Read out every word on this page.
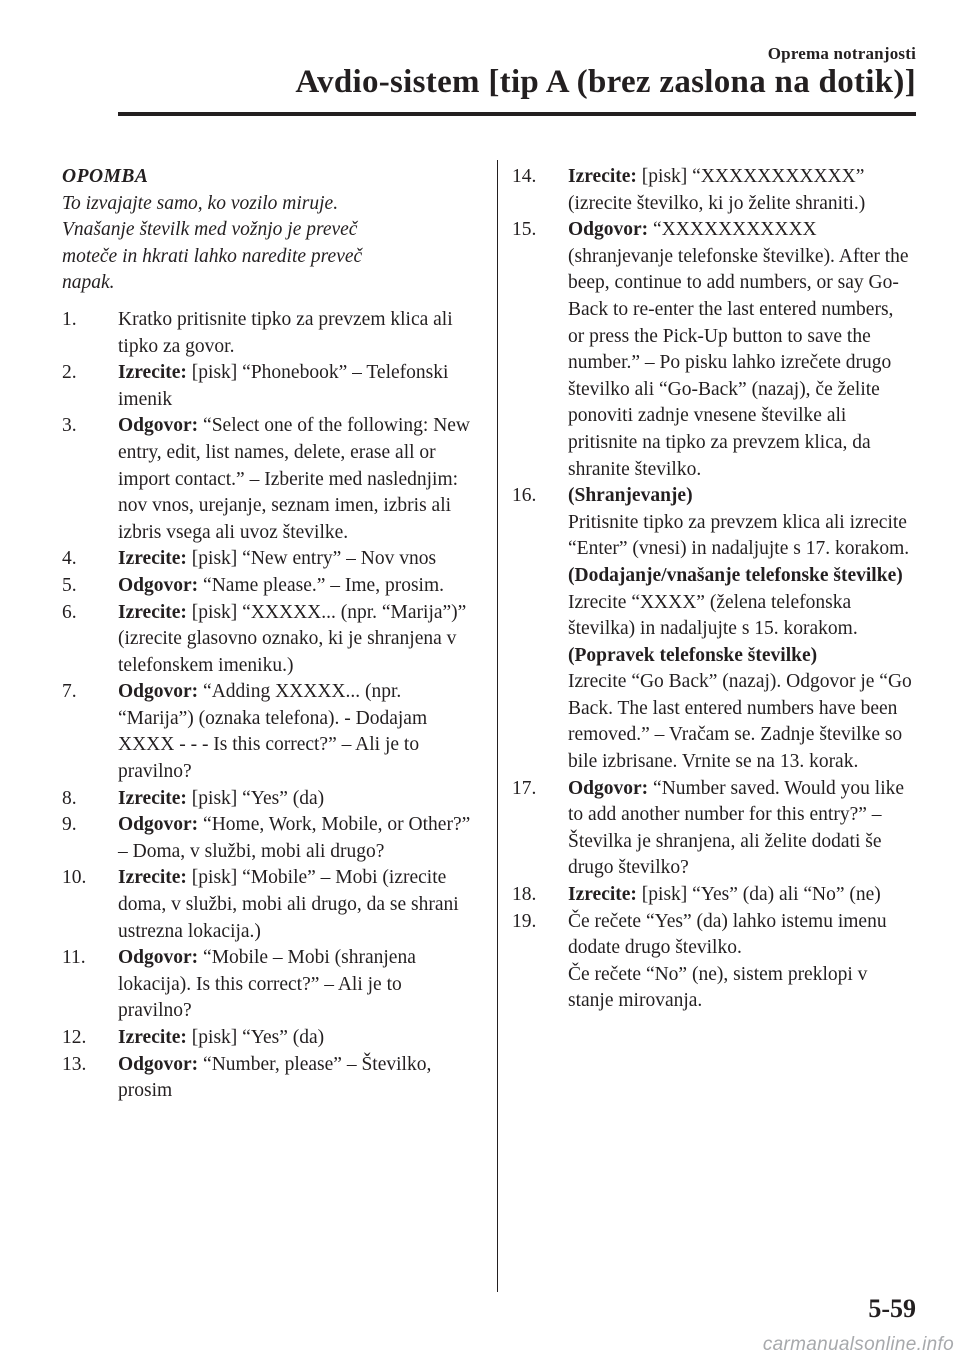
Oprema notranjosti
Avdio-sistem [tip A (brez zaslona na dotik)]
OPOMBA
To izvajajte samo, ko vozilo miruje.
Vnašanje številk med vožnjo je preveč
moteče in hkrati lahko naredite preveč
napak.
1. Kratko pritisnite tipko za prevzem klica ali tipko za govor.
2. Izrecite: [pisk] “Phonebook” – Telefonski imenik
3. Odgovor: “Select one of the following: New entry, edit, list names, delete, erase all or import contact.” – Izberite med naslednjim: nov vnos, urejanje, seznam imen, izbris ali izbris vsega ali uvoz številke.
4. Izrecite: [pisk] “New entry” – Nov vnos
5. Odgovor: “Name please.” – Ime, prosim.
6. Izrecite: [pisk] “XXXXX... (npr. “Marija”)” (izrecite glasovno oznako, ki je shranjena v telefonskem imeniku.)
7. Odgovor: “Adding XXXXX... (npr. “Marija”) (oznaka telefona). - Dodajam XXXX - - - Is this correct?” – Ali je to pravilno?
8. Izrecite: [pisk] “Yes” (da)
9. Odgovor: “Home, Work, Mobile, or Other?” – Doma, v službi, mobi ali drugo?
10. Izrecite: [pisk] “Mobile” – Mobi (izrecite doma, v službi, mobi ali drugo, da se shrani ustrezna lokacija.)
11. Odgovor: “Mobile – Mobi (shranjena lokacija). Is this correct?” – Ali je to pravilno?
12. Izrecite: [pisk] “Yes” (da)
13. Odgovor: “Number, please” – Številko, prosim
14. Izrecite: [pisk] “XXXXXXXXXXX” (izrecite številko, ki jo želite shraniti.)
15. Odgovor: “XXXXXXXXXXX (shranjevanje telefonske številke). After the beep, continue to add numbers, or say Go-Back to re-enter the last entered numbers, or press the Pick-Up button to save the number.” – Po pisku lahko izrečete drugo številko ali “Go-Back” (nazaj), če želite ponoviti zadnje vnesene številke ali pritisnite na tipko za prevzem klica, da shranite številko.
16. (Shranjevanje)
Pritisnite tipko za prevzem klica ali izrecite “Enter” (vnesi) in nadaljujte s 17. korakom.
(Dodajanje/vnašanje telefonske številke)
Izrecite “XXXX” (želena telefonska številka) in nadaljujte s 15. korakom.
(Popravek telefonske številke)
Izrecite “Go Back” (nazaj). Odgovor je “Go Back. The last entered numbers have been removed.” – Vračam se. Zadnje številke so bile izbrisane. Vrnite se na 13. korak.
17. Odgovor: “Number saved. Would you like to add another number for this entry?” – Številka je shranjena, ali želite dodati še drugo številko?
18. Izrecite: [pisk] “Yes” (da) ali “No” (ne)
19. Če rečete “Yes” (da) lahko istemu imenu dodate drugo številko.
Če rečete “No” (ne), sistem preklopi v stanje mirovanja.
5-59
carmanualsonline.info
